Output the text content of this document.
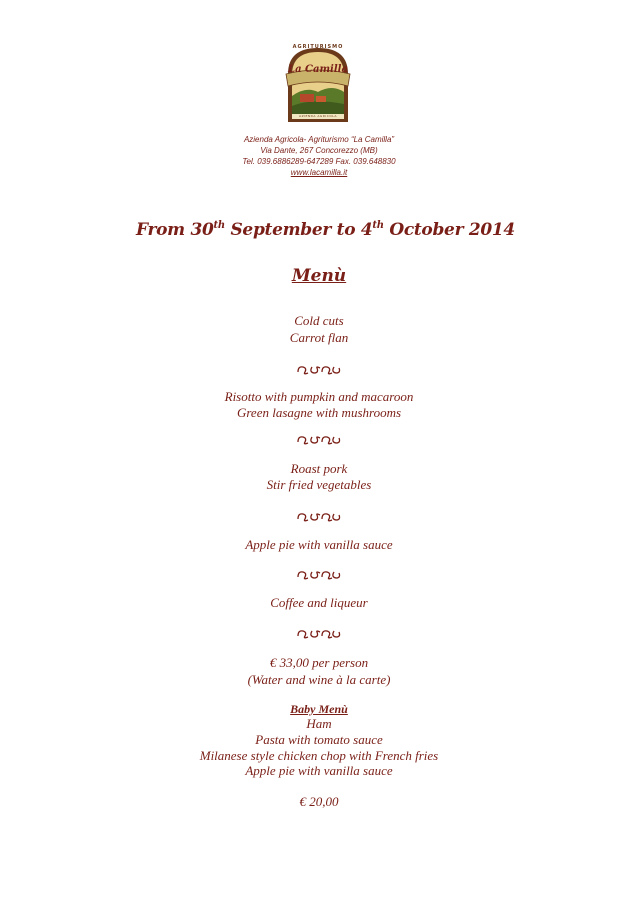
AGRITURISMO
La Camilla
AZIENDA AGRICOLA
Azienda Agricola- Agriturismo “La Camilla”
Via Dante, 267 Concorezzo (MB)
Tel. 039.6886289-647289 Fax. 039.648830
www.lacamilla.it
From 30th September to 4th October 2014
Menù
Cold cuts
Carrot flan
Risotto with pumpkin and macaroon
Green lasagne with mushrooms
Roast pork
Stir fried vegetables
Apple pie with vanilla sauce
Coffee and liqueur
€ 33,00 per person
(Water and wine à la carte)
Baby Menù
Ham
Pasta with tomato sauce
Milanese style chicken chop with French fries
Apple pie with vanilla sauce
€ 20,00
